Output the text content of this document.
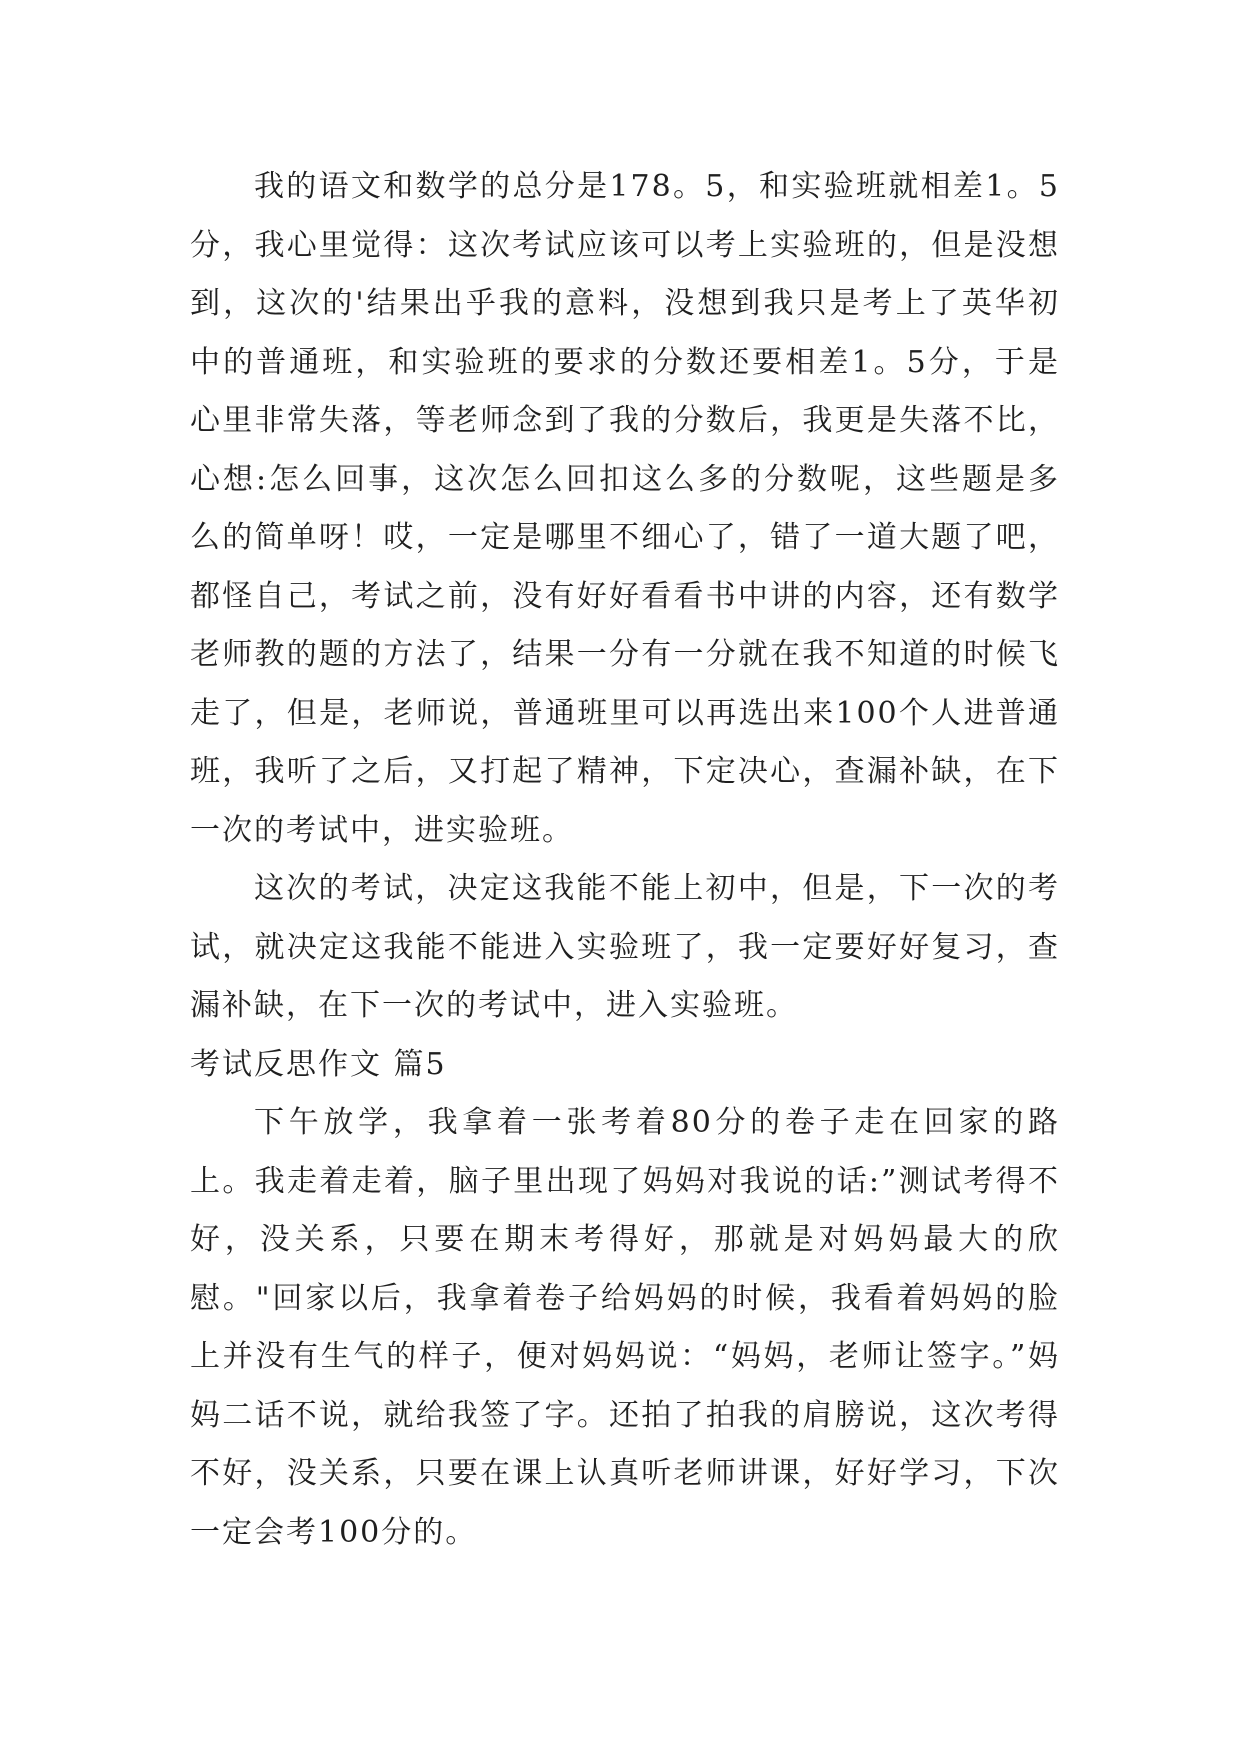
我的语文和数学的总分是178。5，和实验班就相差1。5分，我心里觉得：这次考试应该可以考上实验班的，但是没想到，这次的'结果出乎我的意料，没想到我只是考上了英华初中的普通班，和实验班的要求的分数还要相差1。5分，于是心里非常失落，等老师念到了我的分数后，我更是失落不比，心想:怎么回事，这次怎么回扣这么多的分数呢，这些题是多么的简单呀！哎，一定是哪里不细心了，错了一道大题了吧，都怪自己，考试之前，没有好好看看书中讲的内容，还有数学老师教的题的方法了，结果一分有一分就在我不知道的时候飞走了，但是，老师说，普通班里可以再选出来100个人进普通班，我听了之后，又打起了精神，下定决心，查漏补缺，在下一次的考试中，进实验班。

这次的考试，决定这我能不能上初中，但是，下一次的考试，就决定这我能不能进入实验班了，我一定要好好复习，查漏补缺，在下一次的考试中，进入实验班。

考试反思作文 篇5

下午放学，我拿着一张考着80分的卷子走在回家的路上。我走着走着，脑子里出现了妈妈对我说的话:”测试考得不好，没关系，只要在期末考得好，那就是对妈妈最大的欣慰。"回家以后，我拿着卷子给妈妈的时候，我看着妈妈的脸上并没有生气的样子，便对妈妈说：“妈妈，老师让签字。”妈妈二话不说，就给我签了字。还拍了拍我的肩膀说，这次考得不好，没关系，只要在课上认真听老师讲课，好好学习，下次一定会考100分的。
